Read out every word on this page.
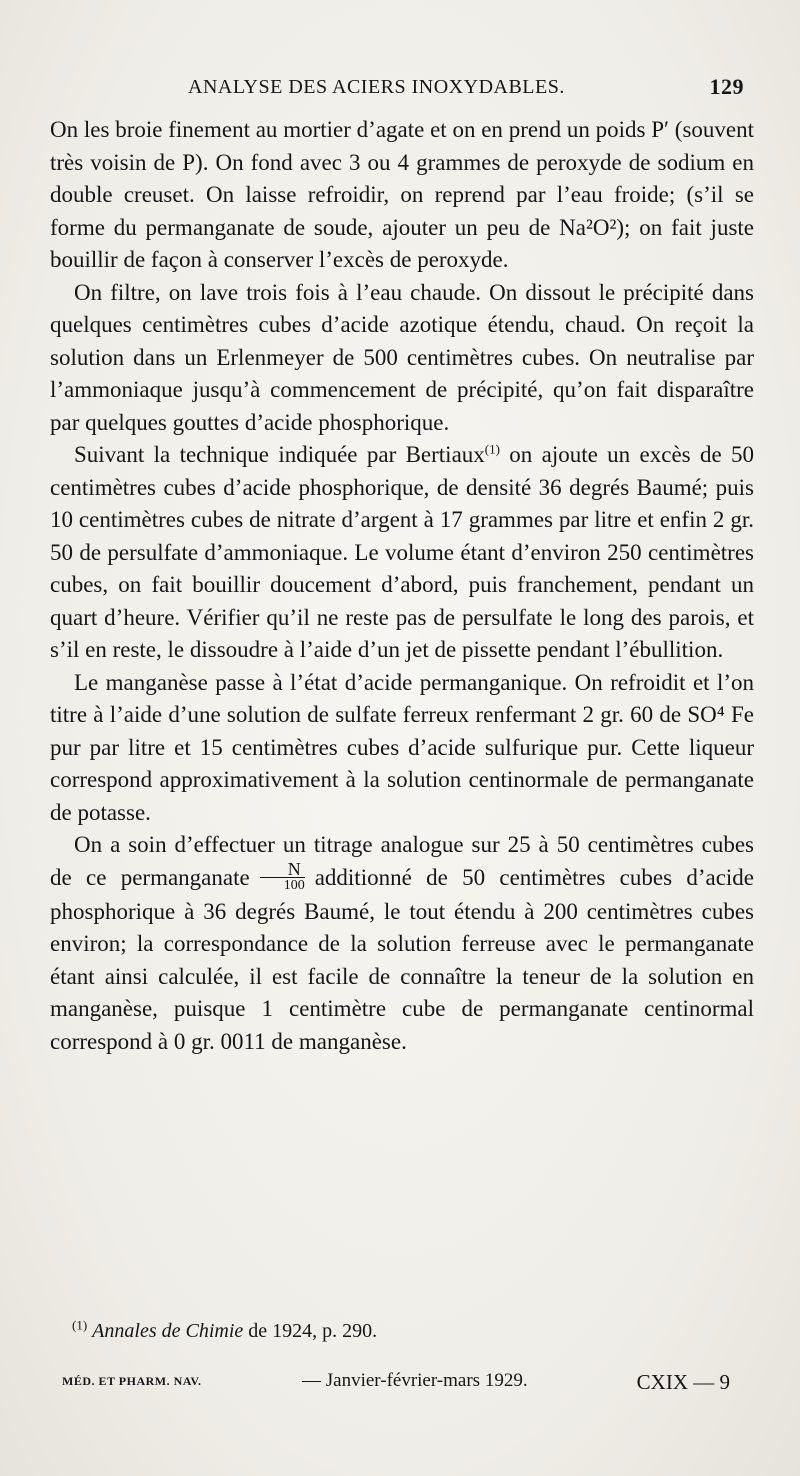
ANALYSE DES ACIERS INOXYDABLES.	129

On les broie finement au mortier d’agate et on en prend un poids P′ (souvent très voisin de P). On fond avec 3 ou 4 grammes de peroxyde de sodium en double creuset. On laisse refroidir, on reprend par l’eau froide; (s’il se forme du permanganate de soude, ajouter un peu de Na²O²); on fait juste bouillir de façon à conserver l’excès de peroxyde.

On filtre, on lave trois fois à l’eau chaude. On dissout le précipité dans quelques centimètres cubes d’acide azotique étendu, chaud. On reçoit la solution dans un Erlenmeyer de 500 centimètres cubes. On neutralise par l’ammoniaque jusqu’à commencement de précipité, qu’on fait disparaître par quelques gouttes d’acide phosphorique.

Suivant la technique indiquée par Bertiaux$^{(1)}$ on ajoute un excès de 50 centimètres cubes d’acide phosphorique, de densité 36 degrés Baumé; puis 10 centimètres cubes de nitrate d’argent à 17 grammes par litre et enfin 2 gr. 50 de persulfate d’ammoniaque. Le volume étant d’environ 250 centimètres cubes, on fait bouillir doucement d’abord, puis franchement, pendant un quart d’heure. Vérifier qu’il ne reste pas de persulfate le long des parois, et s’il en reste, le dissoudre à l’aide d’un jet de pissette pendant l’ébullition.

Le manganèse passe à l’état d’acide permanganique. On refroidit et l’on titre à l’aide d’une solution de sulfate ferreux renfermant 2 gr. 60 de SO⁴ Fe pur par litre et 15 centimètres cubes d’acide sulfurique pur. Cette liqueur correspond approximativement à la solution centinormale de permanganate de potasse.

On a soin d’effectuer un titrage analogue sur 25 à 50 centimètres cubes de ce permanganate $\frac{N}{100}$ additionné de 50 centimètres cubes d’acide phosphorique à 36 degrés Baumé, le tout étendu à 200 centimètres cubes environ; la correspondance de la solution ferreuse avec le permanganate étant ainsi calculée, il est facile de connaître la teneur de la solution en manganèse, puisque 1 centimètre cube de permanganate centinormal correspond à 0 gr. 0011 de manganèse.

$^{(1)}$ Annales de Chimie de 1924, p. 290.
MÉD. ET PHARM. NAV.	— Janvier-février-mars 1929.	CXIX — 9
